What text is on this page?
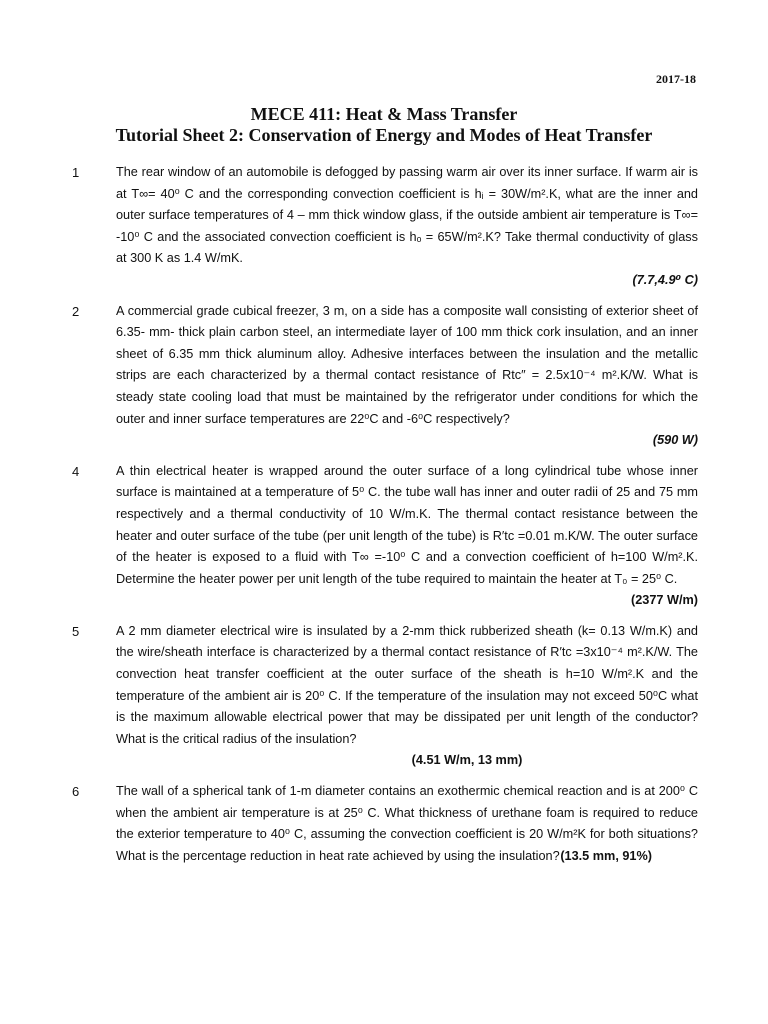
2017-18
MECE 411: Heat & Mass Transfer
Tutorial Sheet 2: Conservation of Energy and Modes of Heat Transfer
1	The rear window of an automobile is defogged by passing warm air over its inner surface. If warm air is at T∞= 40⁰ C and the corresponding convection coefficient is hᵢ = 30W/m².K, what are the inner and outer surface temperatures of 4 – mm thick window glass, if the outside ambient air temperature is T∞= -10⁰ C and the associated convection coefficient is hₒ = 65W/m².K? Take thermal conductivity of glass at 300 K as 1.4 W/mK.
(7.7,4.9⁰ C)
2	A commercial grade cubical freezer, 3 m, on a side has a composite wall consisting of exterior sheet of 6.35- mm- thick plain carbon steel, an intermediate layer of 100 mm thick cork insulation, and an inner sheet of 6.35 mm thick aluminum alloy. Adhesive interfaces between the insulation and the metallic strips are each characterized by a thermal contact resistance of Rtc″ = 2.5x10⁻⁴ m².K/W. What is steady state cooling load that must be maintained by the refrigerator under conditions for which the outer and inner surface temperatures are 22⁰C and -6⁰C respectively?
(590 W)
4	A thin electrical heater is wrapped around the outer surface of a long cylindrical tube whose inner surface is maintained at a temperature of 5⁰ C. the tube wall has inner and outer radii of 25 and 75 mm respectively and a thermal conductivity of 10 W/m.K. The thermal contact resistance between the heater and outer surface of the tube (per unit length of the tube) is R′tc =0.01 m.K/W. The outer surface of the heater is exposed to a fluid with T∞ =-10⁰ C and a convection coefficient of h=100 W/m².K. Determine the heater power per unit length of the tube required to maintain the heater at T₀ = 25⁰ C.
(2377 W/m)
5	A 2 mm diameter electrical wire is insulated by a 2-mm thick rubberized sheath (k= 0.13 W/m.K) and the wire/sheath interface is characterized by a thermal contact resistance of R′tc =3x10⁻⁴ m².K/W. The convection heat transfer coefficient at the outer surface of the sheath is h=10 W/m².K and the temperature of the ambient air is 20⁰ C. If the temperature of the insulation may not exceed 50⁰C what is the maximum allowable electrical power that may be dissipated per unit length of the conductor? What is the critical radius of the insulation?
(4.51 W/m, 13 mm)
6	The wall of a spherical tank of 1-m diameter contains an exothermic chemical reaction and is at 200⁰ C when the ambient air temperature is at 25⁰ C. What thickness of urethane foam is required to reduce the exterior temperature to 40⁰ C, assuming the convection coefficient is 20 W/m²K for both situations? What is the percentage reduction in heat rate achieved by using the insulation? (13.5 mm, 91%)
